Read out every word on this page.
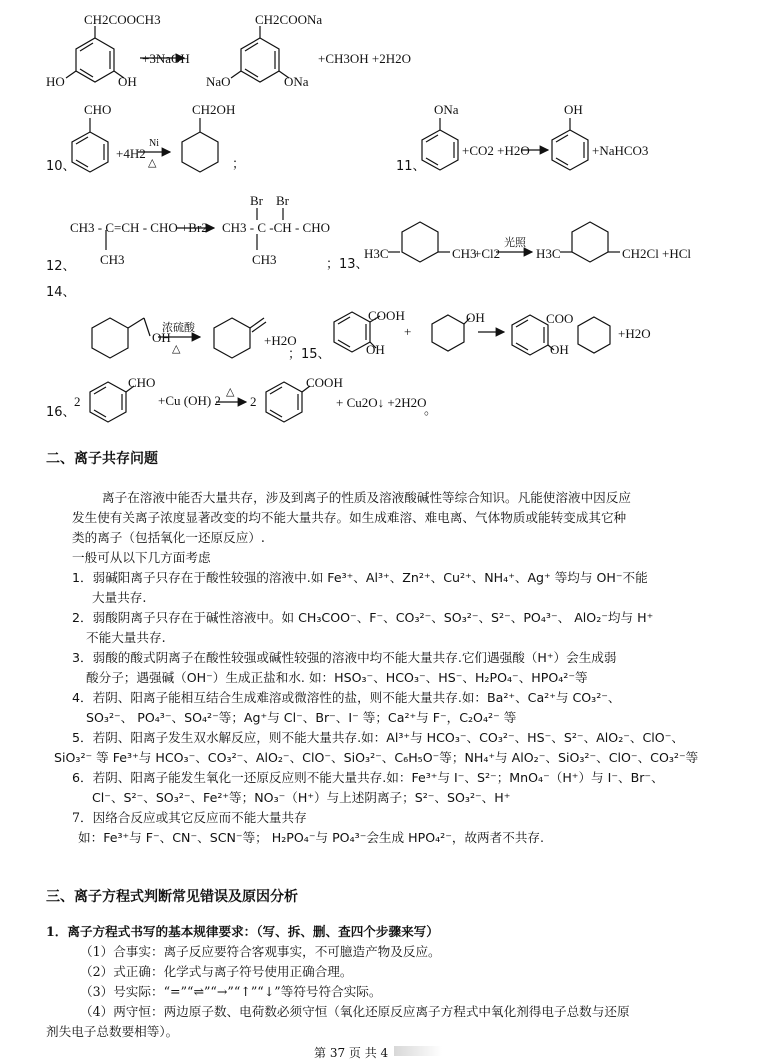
CH2COOCH3
HO	OH
+3NaOH
CH2COONa
NaO	ONa
+CH3OH +2H2O
10、
CHO
+4H2
Ni
△
CH2OH
；	11、
ONa
+CO2 +H2O
OH
+NaHCO3
12、
CH3 - C=CH - CHO +Br2
CH3
Br Br
CH3 - C -CH - CHO
CH3	；13、
H3C	CH3
+Cl2
光照
H3C	CH2Cl +HCl
14、
OH
浓硫酸
△
+H2O
；15、
COOH
OH
+
OH	COO
OH
+H2O
16、
2
CHO
+Cu (OH) 2
△
2
COOH
+ Cu2O↓ +2H2O
。
二、离子共存问题
离子在溶液中能否大量共存，涉及到离子的性质及溶液酸碱性等综合知识。凡能使溶液中因反应
发生使有关离子浓度显著改变的均不能大量共存。如生成难溶、难电离、气体物质或能转变成其它种
类的离子（包括氧化一还原反应）.
一般可从以下几方面考虑
1．弱碱阳离子只存在于酸性较强的溶液中.如 Fe³⁺、Al³⁺、Zn²⁺、Cu²⁺、NH₄⁺、Ag⁺ 等均与 OH⁻不能
大量共存.
2．弱酸阴离子只存在于碱性溶液中。如 CH₃COO⁻、F⁻、CO₃²⁻、SO₃²⁻、S²⁻、PO₄³⁻、 AlO₂⁻均与 H⁺
不能大量共存.
3．弱酸的酸式阴离子在酸性较强或碱性较强的溶液中均不能大量共存.它们遇强酸（H⁺）会生成弱
酸分子；遇强碱（OH⁻）生成正盐和水. 如：HSO₃⁻、HCO₃⁻、HS⁻、H₂PO₄⁻、HPO₄²⁻等
4．若阴、阳离子能相互结合生成难溶或微溶性的盐，则不能大量共存.如：Ba²⁺、Ca²⁺与 CO₃²⁻、
SO₃²⁻、 PO₄³⁻、SO₄²⁻等；Ag⁺与 Cl⁻、Br⁻、I⁻ 等；Ca²⁺与 F⁻，C₂O₄²⁻ 等
5．若阴、阳离子发生双水解反应，则不能大量共存.如：Al³⁺与 HCO₃⁻、CO₃²⁻、HS⁻、S²⁻、AlO₂⁻、ClO⁻、
SiO₃²⁻ 等 Fe³⁺与 HCO₃⁻、CO₃²⁻、AlO₂⁻、ClO⁻、SiO₃²⁻、C₆H₅O⁻等；NH₄⁺与 AlO₂⁻、SiO₃²⁻、ClO⁻、CO₃²⁻等
6．若阴、阳离子能发生氧化一还原反应则不能大量共存.如：Fe³⁺与 I⁻、S²⁻；MnO₄⁻（H⁺）与 I⁻、Br⁻、
Cl⁻、S²⁻、SO₃²⁻、Fe²⁺等；NO₃⁻（H⁺）与上述阴离子；S²⁻、SO₃²⁻、H⁺
7．因络合反应或其它反应而不能大量共存
如：Fe³⁺与 F⁻、CN⁻、SCN⁻等； H₂PO₄⁻与 PO₄³⁻会生成 HPO₄²⁻，故两者不共存.
三、离子方程式判断常见错误及原因分析
1．离子方程式书写的基本规律要求：（写、拆、删、查四个步骤来写）
（1）合事实：离子反应要符合客观事实，不可臆造产物及反应。
（2）式正确：化学式与离子符号使用正确合理。
（3）号实际：“=”“⇌”“→”“↑”“↓”等符号符合实际。
（4）两守恒：两边原子数、电荷数必须守恒（氧化还原反应离子方程式中氧化剂得电子总数与还原
剂失电子总数要相等）。
第 37 页 共 4
